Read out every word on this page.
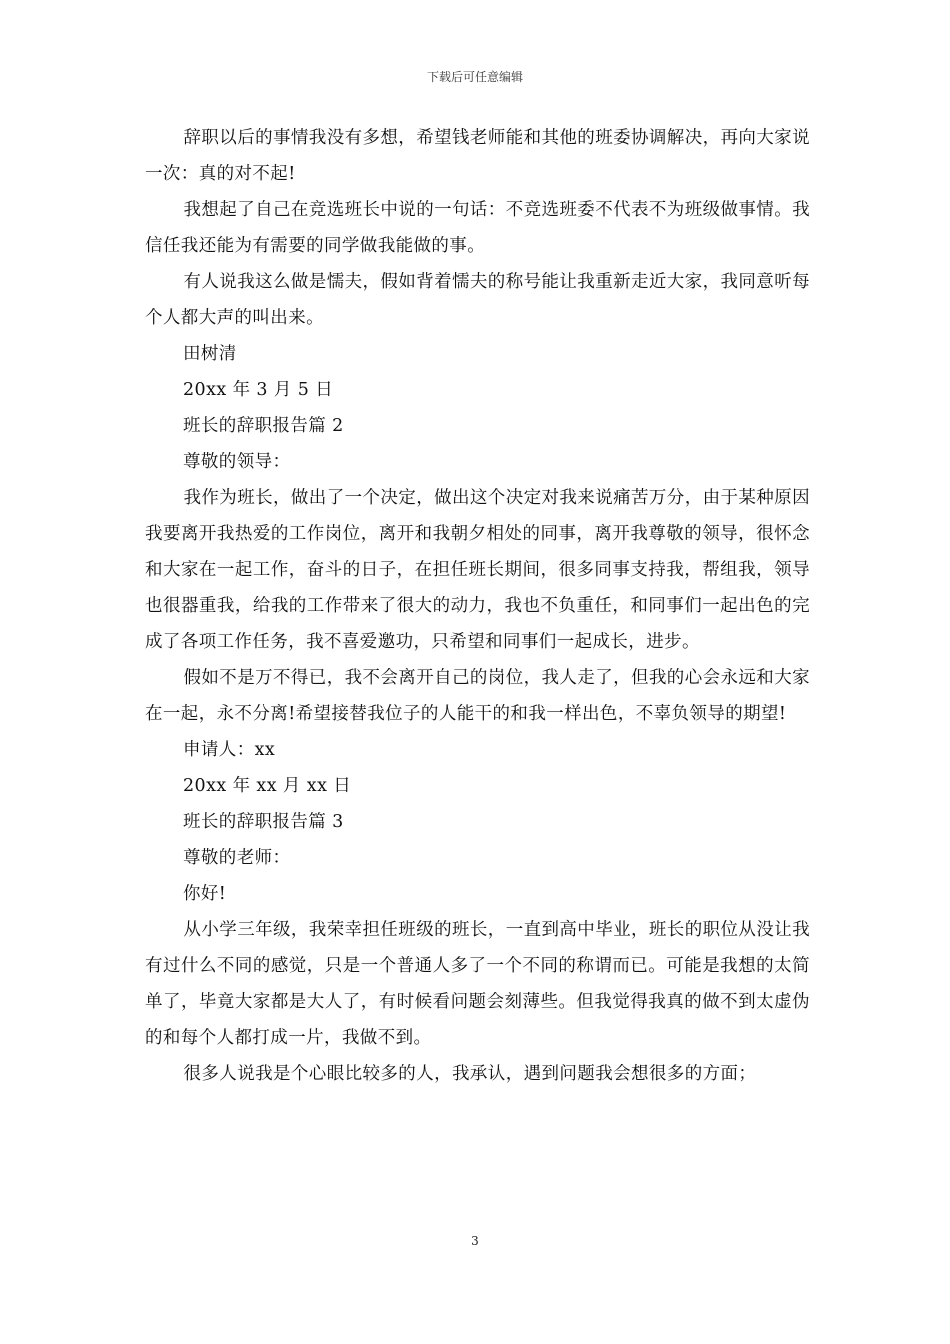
下载后可任意编辑

辞职以后的事情我没有多想，希望钱老师能和其他的班委协调解决，再向大家说一次：真的对不起!

我想起了自己在竞选班长中说的一句话：不竞选班委不代表不为班级做事情。我信任我还能为有需要的同学做我能做的事。

有人说我这么做是懦夫，假如背着懦夫的称号能让我重新走近大家，我同意听每个人都大声的叫出来。

田树清

20xx 年 3 月 5 日

班长的辞职报告篇 2

尊敬的领导：

我作为班长，做出了一个决定，做出这个决定对我来说痛苦万分，由于某种原因我要离开我热爱的工作岗位，离开和我朝夕相处的同事，离开我尊敬的领导，很怀念和大家在一起工作，奋斗的日子，在担任班长期间，很多同事支持我，帮组我，领导也很器重我，给我的工作带来了很大的动力，我也不负重任，和同事们一起出色的完成了各项工作任务，我不喜爱邀功，只希望和同事们一起成长，进步。

假如不是万不得已，我不会离开自己的岗位，我人走了，但我的心会永远和大家在一起，永不分离!希望接替我位子的人能干的和我一样出色，不辜负领导的期望!

申请人：xx

20xx 年 xx 月 xx 日

班长的辞职报告篇 3

尊敬的老师：

你好!

从小学三年级，我荣幸担任班级的班长，一直到高中毕业，班长的职位从没让我有过什么不同的感觉，只是一个普通人多了一个不同的称谓而已。可能是我想的太简单了，毕竟大家都是大人了，有时候看问题会刻薄些。但我觉得我真的做不到太虚伪的和每个人都打成一片，我做不到。

很多人说我是个心眼比较多的人，我承认，遇到问题我会想很多的方面；

3
